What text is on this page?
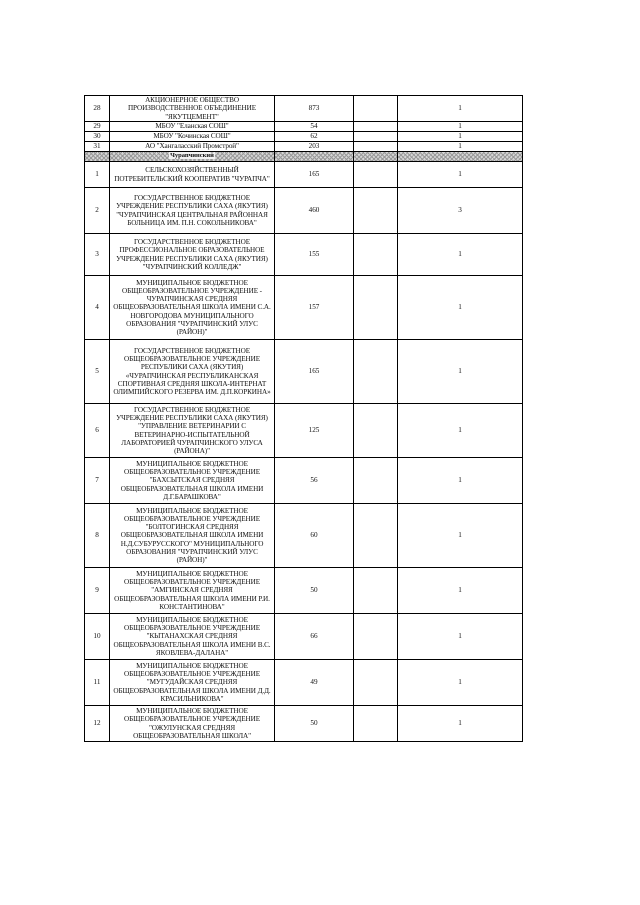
28	АКЦИОНЕРНОЕ ОБЩЕСТВО ПРОИЗВОДСТВЕННОЕ ОБЪЕДИНЕНИЕ "ЯКУТЦЕМЕНТ"	873		1
29	МБОУ "Еланская СОШ"	54		1
30	МБОУ "Кочинская СОШ"	62		1
31	АО "Хангаласский Промстрой"	203		1
	Чурапчинский			
1	СЕЛЬСКОХОЗЯЙСТВЕННЫЙ ПОТРЕБИТЕЛЬСКИЙ КООПЕРАТИВ "ЧУРАПЧА"	165		1
2	ГОСУДАРСТВЕННОЕ БЮДЖЕТНОЕ УЧРЕЖДЕНИЕ РЕСПУБЛИКИ САХА (ЯКУТИЯ) "ЧУРАПЧИНСКАЯ ЦЕНТРАЛЬНАЯ РАЙОННАЯ БОЛЬНИЦА ИМ. П.Н. СОКОЛЬНИКОВА"	460		3
3	ГОСУДАРСТВЕННОЕ БЮДЖЕТНОЕ ПРОФЕССИОНАЛЬНОЕ ОБРАЗОВАТЕЛЬНОЕ УЧРЕЖДЕНИЕ РЕСПУБЛИКИ САХА (ЯКУТИЯ) "ЧУРАПЧИНСКИЙ КОЛЛЕДЖ"	155		1
4	МУНИЦИПАЛЬНОЕ БЮДЖЕТНОЕ ОБЩЕОБРАЗОВАТЕЛЬНОЕ УЧРЕЖДЕНИЕ - ЧУРАПЧИНСКАЯ СРЕДНЯЯ ОБЩЕОБРАЗОВАТЕЛЬНАЯ ШКОЛА ИМЕНИ С.А. НОВГОРОДОВА МУНИЦИПАЛЬНОГО ОБРАЗОВАНИЯ "ЧУРАПЧИНСКИЙ УЛУС (РАЙОН)"	157		1
5	ГОСУДАРСТВЕННОЕ БЮДЖЕТНОЕ ОБЩЕОБРАЗОВАТЕЛЬНОЕ УЧРЕЖДЕНИЕ РЕСПУБЛИКИ САХА (ЯКУТИЯ) «ЧУРАПЧИНСКАЯ РЕСПУБЛИКАНСКАЯ СПОРТИВНАЯ СРЕДНЯЯ ШКОЛА-ИНТЕРНАТ ОЛИМПИЙСКОГО РЕЗЕРВА ИМ. Д.П.КОРКИНА»	165		1
6	ГОСУДАРСТВЕННОЕ БЮДЖЕТНОЕ УЧРЕЖДЕНИЕ РЕСПУБЛИКИ САХА (ЯКУТИЯ) "УПРАВЛЕНИЕ ВЕТЕРИНАРИИ С ВЕТЕРИНАРНО-ИСПЫТАТЕЛЬНОЙ ЛАБОРАТОРИЕЙ ЧУРАПЧИНСКОГО УЛУСА (РАЙОНА)"	125		1
7	МУНИЦИПАЛЬНОЕ БЮДЖЕТНОЕ ОБЩЕОБРАЗОВАТЕЛЬНОЕ УЧРЕЖДЕНИЕ "БАХСЫТСКАЯ СРЕДНЯЯ ОБЩЕОБРАЗОВАТЕЛЬНАЯ ШКОЛА ИМЕНИ Д.Г.БАРАШКОВА"	56		1
8	МУНИЦИПАЛЬНОЕ БЮДЖЕТНОЕ ОБЩЕОБРАЗОВАТЕЛЬНОЕ УЧРЕЖДЕНИЕ "БОЛТОГИНСКАЯ СРЕДНЯЯ ОБЩЕОБРАЗОВАТЕЛЬНАЯ ШКОЛА ИМЕНИ Н.Д.СУБУРУССКОГО" МУНИЦИПАЛЬНОГО ОБРАЗОВАНИЯ "ЧУРАПЧИНСКИЙ УЛУС (РАЙОН)"	60		1
9	МУНИЦИПАЛЬНОЕ БЮДЖЕТНОЕ ОБЩЕОБРАЗОВАТЕЛЬНОЕ УЧРЕЖДЕНИЕ "АМГИНСКАЯ СРЕДНЯЯ ОБЩЕОБРАЗОВАТЕЛЬНАЯ ШКОЛА ИМЕНИ Р.И. КОНСТАНТИНОВА"	50		1
10	МУНИЦИПАЛЬНОЕ БЮДЖЕТНОЕ ОБЩЕОБРАЗОВАТЕЛЬНОЕ УЧРЕЖДЕНИЕ "КЫТАНАХСКАЯ СРЕДНЯЯ ОБЩЕОБРАЗОВАТЕЛЬНАЯ ШКОЛА ИМЕНИ В.С. ЯКОВЛЕВА-ДАЛАНА"	66		1
11	МУНИЦИПАЛЬНОЕ БЮДЖЕТНОЕ ОБЩЕОБРАЗОВАТЕЛЬНОЕ УЧРЕЖДЕНИЕ "МУГУДАЙСКАЯ СРЕДНЯЯ ОБЩЕОБРАЗОВАТЕЛЬНАЯ ШКОЛА ИМЕНИ Д.Д. КРАСИЛЬНИКОВА"	49		1
12	МУНИЦИПАЛЬНОЕ БЮДЖЕТНОЕ ОБЩЕОБРАЗОВАТЕЛЬНОЕ УЧРЕЖДЕНИЕ "ОЖУЛУНСКАЯ СРЕДНЯЯ ОБЩЕОБРАЗОВАТЕЛЬНАЯ ШКОЛА"	50		1
